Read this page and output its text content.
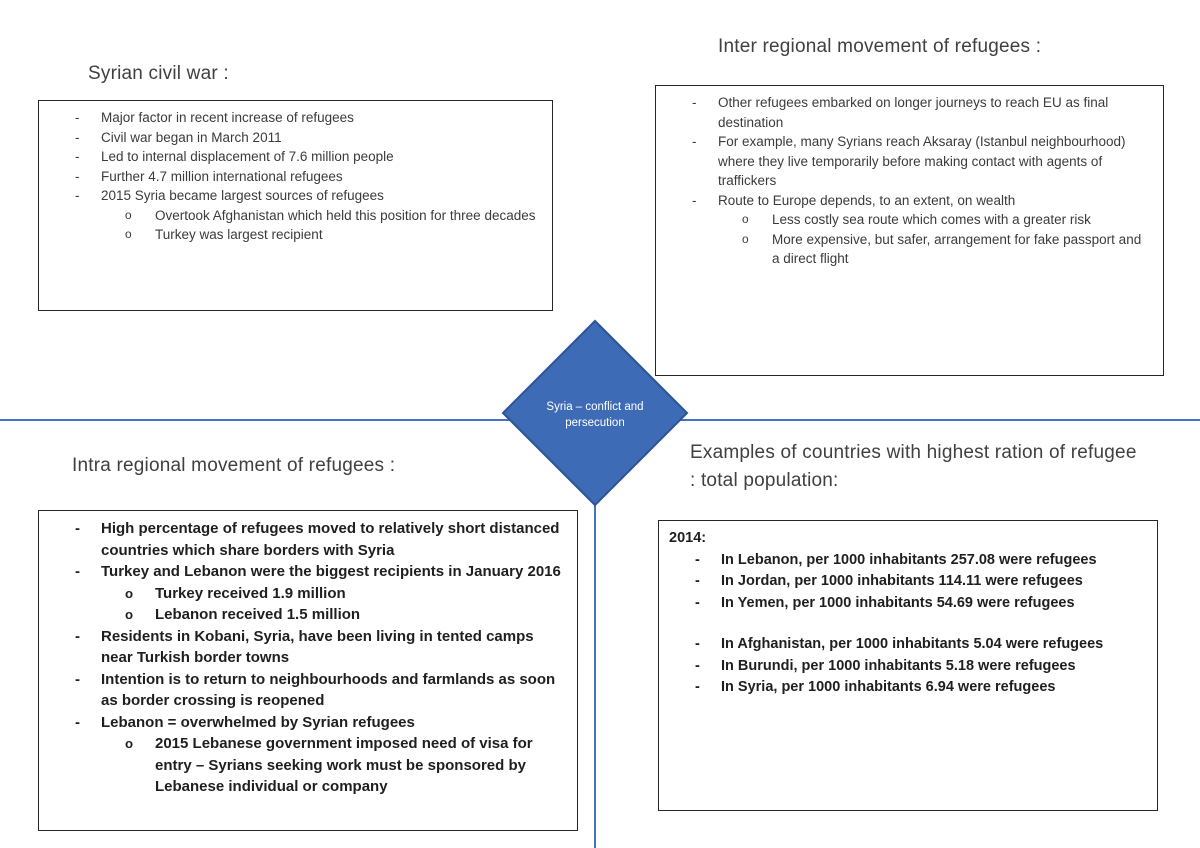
Syrian civil war :
-	Major factor in recent increase of refugees
-	Civil war began in March 2011
-	Led to internal displacement of 7.6 million people
-	Further 4.7 million international refugees
-	2015 Syria became largest sources of refugees
o	Overtook Afghanistan which held this position for three decades
o	Turkey was largest recipient
Inter regional movement of refugees :
-	Other refugees embarked on longer journeys to reach EU as final destination
-	For example, many Syrians reach Aksaray (Istanbul neighbourhood) where they live temporarily before making contact with agents of traffickers
-	Route to Europe depends, to an extent, on wealth
o	Less costly sea route which comes with a greater risk
o	More expensive, but safer, arrangement for fake passport and a direct flight
Intra regional movement of refugees :
-	High percentage of refugees moved to relatively short distanced countries which share borders with Syria
-	Turkey and Lebanon were the biggest recipients in January 2016
o	Turkey received 1.9 million
o	Lebanon received 1.5 million
-	Residents in Kobani, Syria, have been living in tented camps near Turkish border towns
-	Intention is to return to neighbourhoods and farmlands as soon as border crossing is reopened
-	Lebanon = overwhelmed by Syrian refugees
o	2015 Lebanese government imposed need of visa for entry – Syrians seeking work must be sponsored by Lebanese individual or company
Examples of countries with highest ration of refugee : total population:
2014:
-	In Lebanon, per 1000 inhabitants 257.08 were refugees
-	In Jordan, per 1000 inhabitants 114.11 were refugees
-	In Yemen, per 1000 inhabitants 54.69 were refugees
-	In Afghanistan, per 1000 inhabitants 5.04 were refugees
-	In Burundi, per 1000 inhabitants 5.18 were refugees
-	In Syria, per 1000 inhabitants 6.94 were refugees
Syria – conflict and
persecution
